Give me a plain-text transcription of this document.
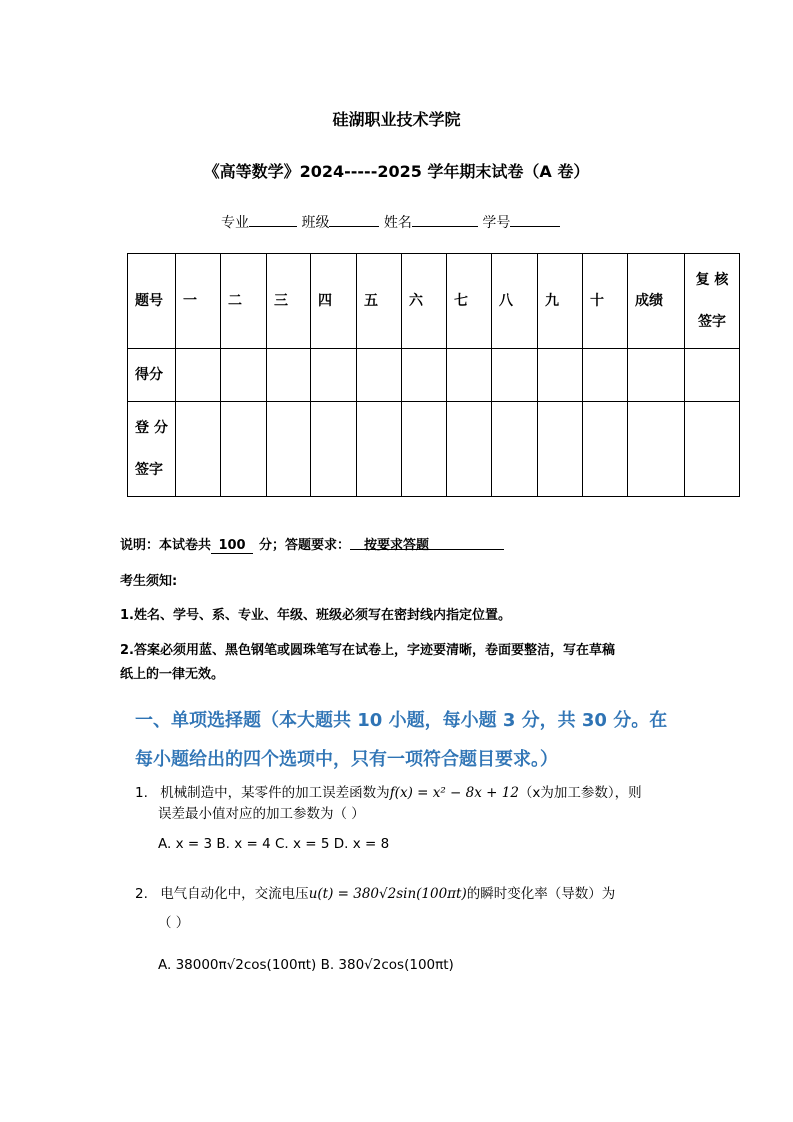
硅湖职业技术学院
《高等数学》2024-----2025 学年期末试卷（A 卷）
专业	班级	姓名	学号
题号	一	二	三	四	五	六	七	八	九	十	成绩	复 核
签字

得分												

登 分
签字												

说明：本试卷共 100 分；答题要求： 按要求答题
考生须知:
1.姓名、学号、系、专业、年级、班级必须写在密封线内指定位置。
2.答案必须用蓝、黑色钢笔或圆珠笔写在试卷上，字迹要清晰，卷面要整洁，写在草稿
纸上的一律无效。
一、单项选择题（本大题共 10 小题，每小题 3 分，共 30 分。在
每小题给出的四个选项中，只有一项符合题目要求。）
1. 机械制造中，某零件的加工误差函数为f(x) = x² − 8x + 12（x为加工参数），则
误差最小值对应的加工参数为（ ）
A. x = 3 B. x = 4 C. x = 5 D. x = 8
2. 电气自动化中，交流电压u(t) = 380√2sin(100πt)的瞬时变化率（导数）为
（ ）
A. 38000π√2cos(100πt) B. 380√2cos(100πt)
